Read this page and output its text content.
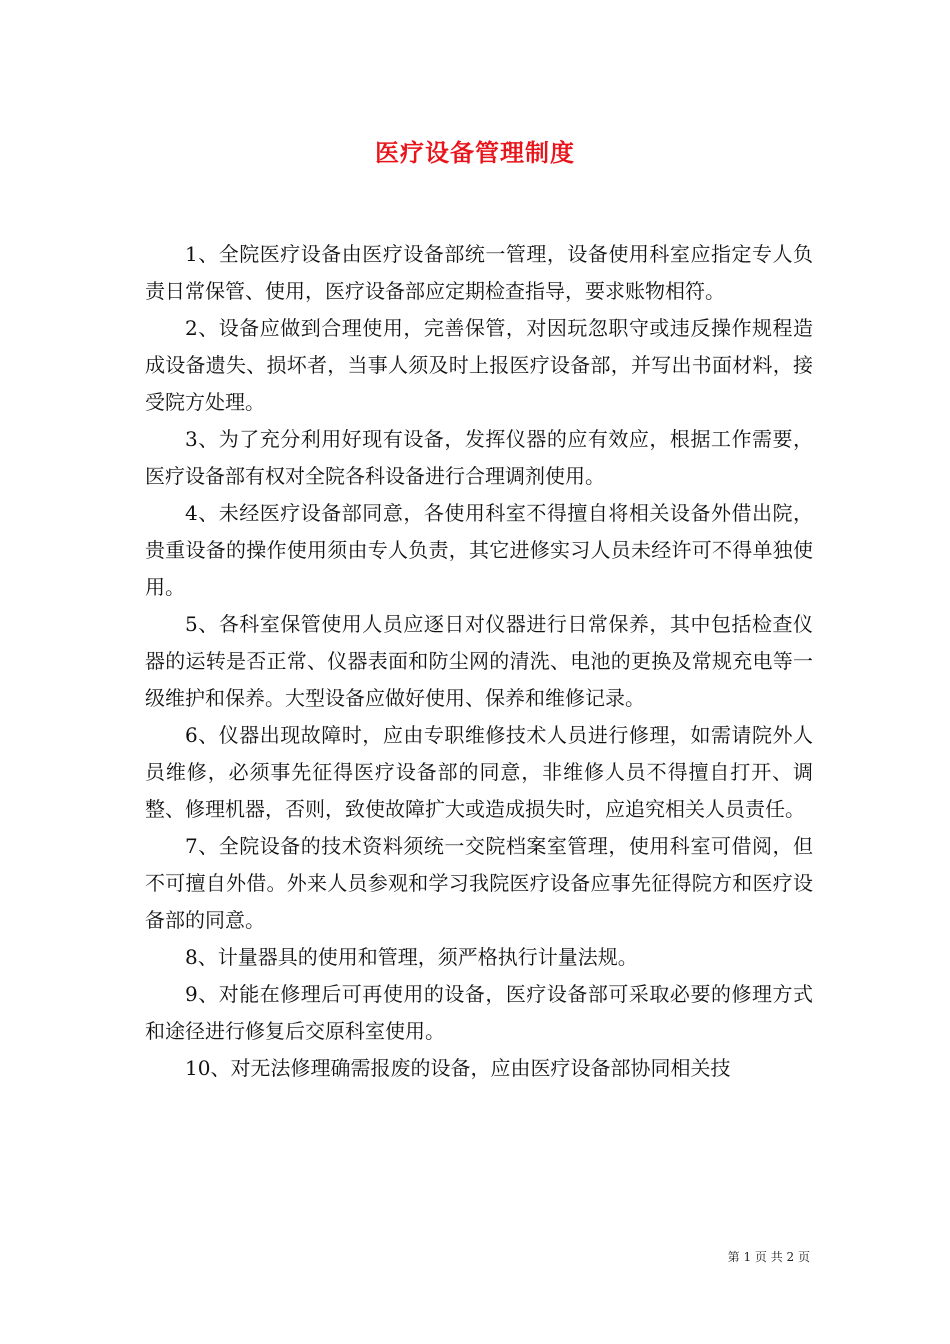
医疗设备管理制度

1、全院医疗设备由医疗设备部统一管理，设备使用科室应指定专人负责日常保管、使用，医疗设备部应定期检查指导，要求账物相符。

2、设备应做到合理使用，完善保管，对因玩忽职守或违反操作规程造成设备遗失、损坏者，当事人须及时上报医疗设备部，并写出书面材料，接受院方处理。

3、为了充分利用好现有设备，发挥仪器的应有效应，根据工作需要，医疗设备部有权对全院各科设备进行合理调剂使用。

4、未经医疗设备部同意，各使用科室不得擅自将相关设备外借出院，贵重设备的操作使用须由专人负责，其它进修实习人员未经许可不得单独使用。

5、各科室保管使用人员应逐日对仪器进行日常保养，其中包括检查仪器的运转是否正常、仪器表面和防尘网的清洗、电池的更换及常规充电等一级维护和保养。大型设备应做好使用、保养和维修记录。

6、仪器出现故障时，应由专职维修技术人员进行修理，如需请院外人员维修，必须事先征得医疗设备部的同意，非维修人员不得擅自打开、调整、修理机器，否则，致使故障扩大或造成损失时，应追究相关人员责任。

7、全院设备的技术资料须统一交院档案室管理，使用科室可借阅，但不可擅自外借。外来人员参观和学习我院医疗设备应事先征得院方和医疗设备部的同意。

8、计量器具的使用和管理，须严格执行计量法规。

9、对能在修理后可再使用的设备，医疗设备部可采取必要的修理方式和途径进行修复后交原科室使用。

10、对无法修理确需报废的设备，应由医疗设备部协同相关技

第 1 页 共 2 页
